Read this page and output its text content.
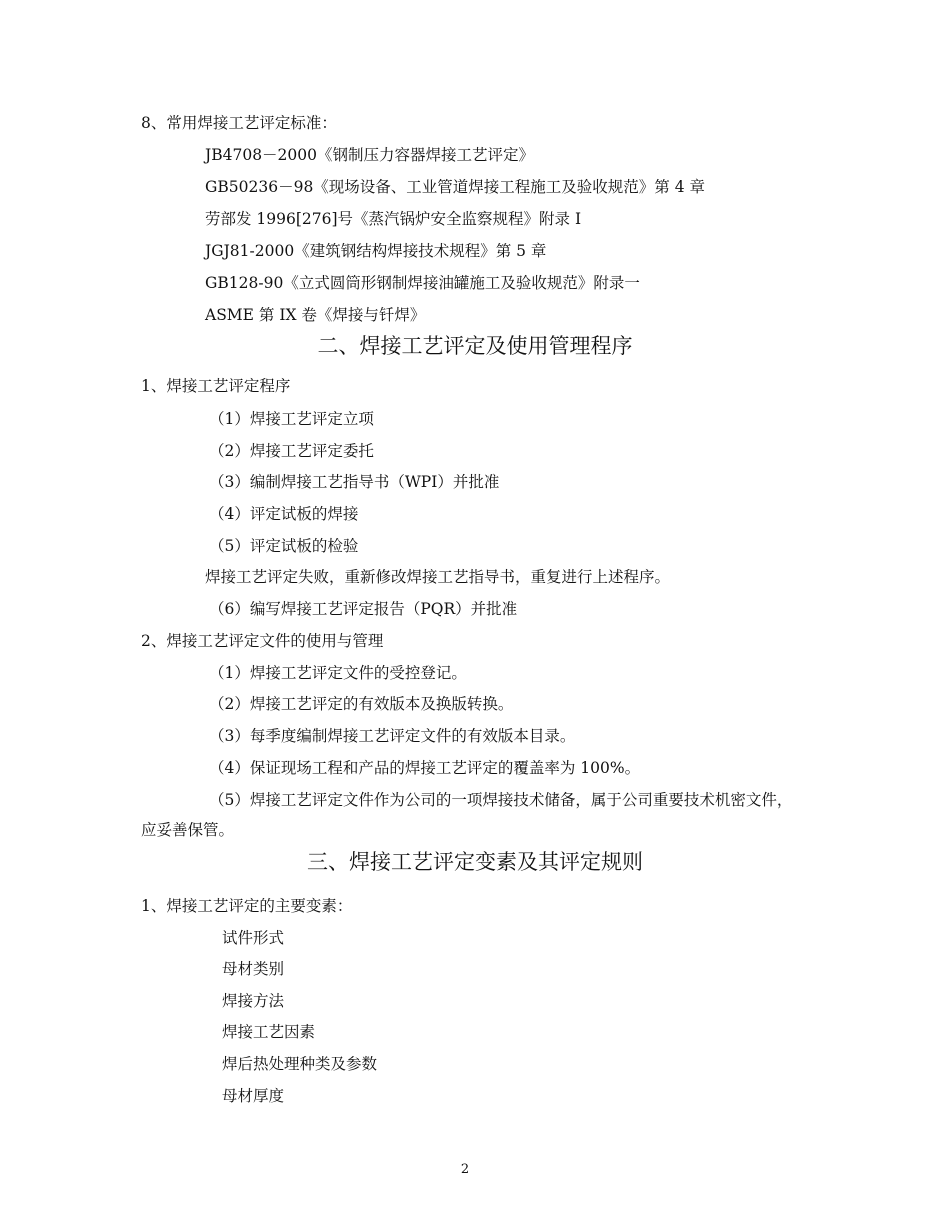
8、常用焊接工艺评定标准：
JB4708－2000《钢制压力容器焊接工艺评定》
GB50236－98《现场设备、工业管道焊接工程施工及验收规范》第 4 章
劳部发 1996[276]号《蒸汽锅炉安全监察规程》附录 I
JGJ81-2000《建筑钢结构焊接技术规程》第 5 章
GB128-90《立式圆筒形钢制焊接油罐施工及验收规范》附录一
ASME 第 IX 卷《焊接与钎焊》
二、焊接工艺评定及使用管理程序
1、焊接工艺评定程序
（1）焊接工艺评定立项
（2）焊接工艺评定委托
（3）编制焊接工艺指导书（WPI）并批准
（4）评定试板的焊接
（5）评定试板的检验
焊接工艺评定失败，重新修改焊接工艺指导书，重复进行上述程序。
（6）编写焊接工艺评定报告（PQR）并批准
2、焊接工艺评定文件的使用与管理
（1）焊接工艺评定文件的受控登记。
（2）焊接工艺评定的有效版本及换版转换。
（3）每季度编制焊接工艺评定文件的有效版本目录。
（4）保证现场工程和产品的焊接工艺评定的覆盖率为 100%。
（5）焊接工艺评定文件作为公司的一项焊接技术储备，属于公司重要技术机密文件，
应妥善保管。
三、焊接工艺评定变素及其评定规则
1、焊接工艺评定的主要变素：
试件形式
母材类别
焊接方法
焊接工艺因素
焊后热处理种类及参数
母材厚度
2
